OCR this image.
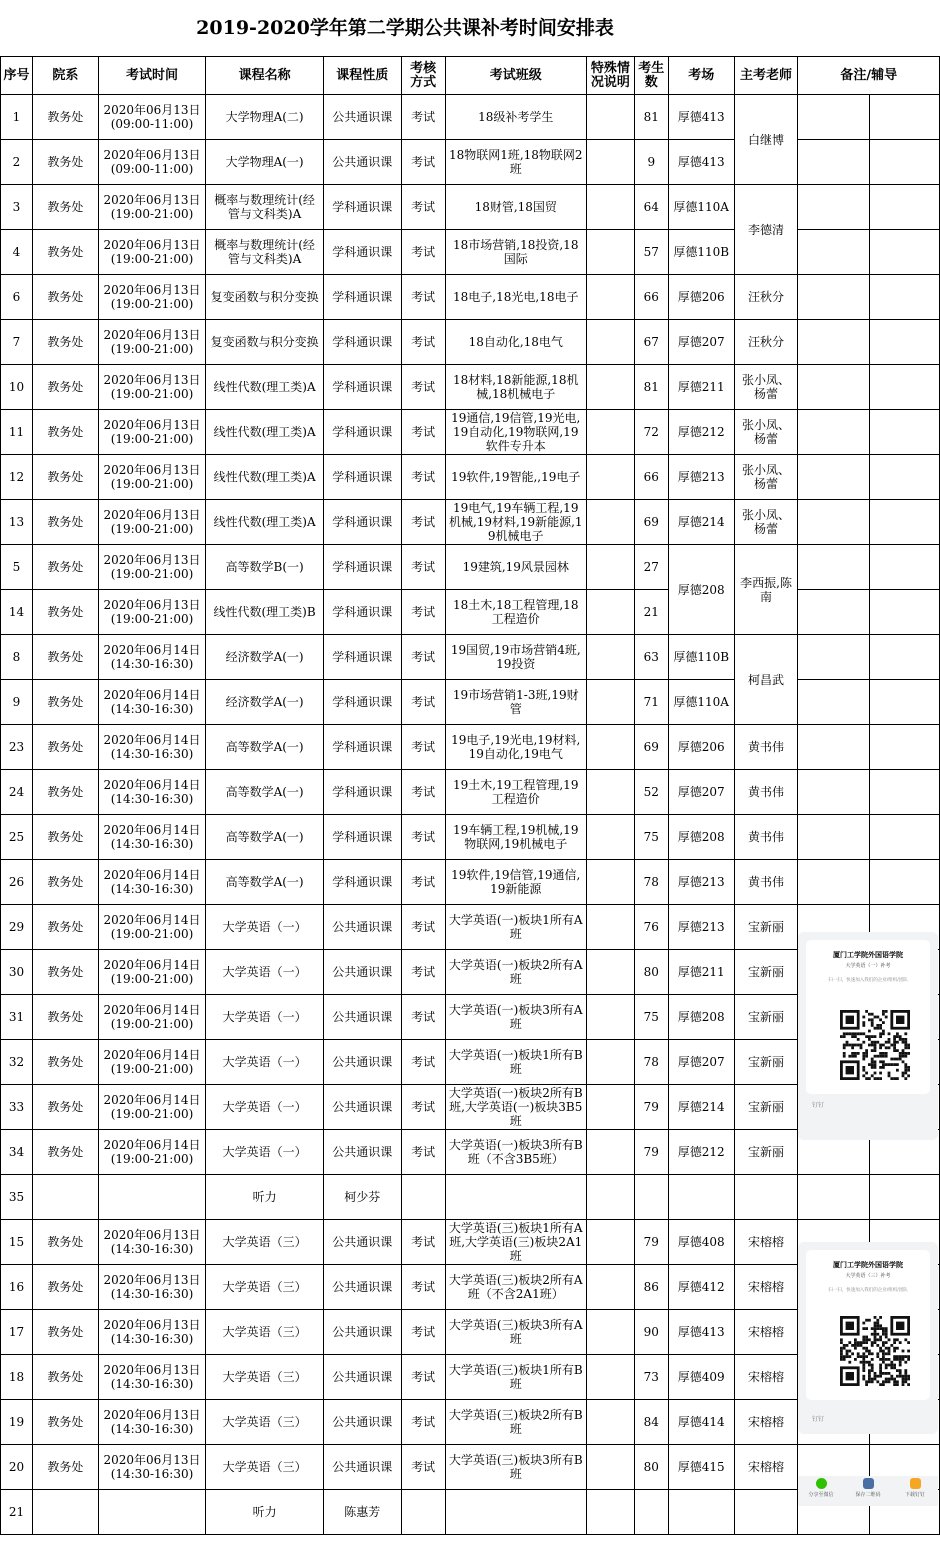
2019-2020学年第二学期公共课补考时间安排表
序号	院系	考试时间	课程名称	课程性质	考核方式	考试班级	特殊情况说明	考生数	考场	主考老师	备注/辅导	
1	教务处	2020年06月13日
(09:00-11:00)	大学物理A(二)	公共通识课	考试	18级补考学生		81	厚德413	白继博		
2	教务处	2020年06月13日
(09:00-11:00)	大学物理A(一)	公共通识课	考试	18物联网1班,18物联网2班		9	厚德413			
3	教务处	2020年06月13日
(19:00-21:00)	概率与数理统计(经管与文科类)A	学科通识课	考试	18财管,18国贸		64	厚德110A	李德清		
4	教务处	2020年06月13日
(19:00-21:00)	概率与数理统计(经管与文科类)A	学科通识课	考试	18市场营销,18投资,18国际		57	厚德110B			
6	教务处	2020年06月13日
(19:00-21:00)	复变函数与积分变换	学科通识课	考试	18电子,18光电,18电子		66	厚德206	汪秋分		
7	教务处	2020年06月13日
(19:00-21:00)	复变函数与积分变换	学科通识课	考试	18自动化,18电气		67	厚德207	汪秋分		
10	教务处	2020年06月13日
(19:00-21:00)	线性代数(理工类)A	学科通识课	考试	18材料,18新能源,18机械,18机械电子		81	厚德211	张小凤、杨蕾		
11	教务处	2020年06月13日
(19:00-21:00)	线性代数(理工类)A	学科通识课	考试	19通信,19信管,19光电,19自动化,19物联网,19软件专升本		72	厚德212	张小凤、杨蕾		
12	教务处	2020年06月13日
(19:00-21:00)	线性代数(理工类)A	学科通识课	考试	19软件,19智能,,19电子		66	厚德213	张小凤、杨蕾		
13	教务处	2020年06月13日
(19:00-21:00)	线性代数(理工类)A	学科通识课	考试	19电气,19车辆工程,19机械,19材料,19新能源,19机械电子		69	厚德214	张小凤、杨蕾		
5	教务处	2020年06月13日
(19:00-21:00)	高等数学B(一)	学科通识课	考试	19建筑,19风景园林		27	厚德208	李西振,陈南		
14	教务处	2020年06月13日
(19:00-21:00)	线性代数(理工类)B	学科通识课	考试	18土木,18工程管理,18工程造价		21				
8	教务处	2020年06月14日
(14:30-16:30)	经济数学A(一)	学科通识课	考试	19国贸,19市场营销4班,19投资		63	厚德110B	柯昌武		
9	教务处	2020年06月14日
(14:30-16:30)	经济数学A(一)	学科通识课	考试	19市场营销1-3班,19财管		71	厚德110A			
23	教务处	2020年06月14日
(14:30-16:30)	高等数学A(一)	学科通识课	考试	19电子,19光电,19材料,19自动化,19电气		69	厚德206	黄书伟		
24	教务处	2020年06月14日
(14:30-16:30)	高等数学A(一)	学科通识课	考试	19土木,19工程管理,19工程造价		52	厚德207	黄书伟		
25	教务处	2020年06月14日
(14:30-16:30)	高等数学A(一)	学科通识课	考试	19车辆工程,19机械,19物联网,19机械电子		75	厚德208	黄书伟		
26	教务处	2020年06月14日
(14:30-16:30)	高等数学A(一)	学科通识课	考试	19软件,19信管,19通信,19新能源		78	厚德213	黄书伟		
29	教务处	2020年06月14日
(19:00-21:00)	大学英语（一）	公共通识课	考试	大学英语(一)板块1所有A班		76	厚德213	宝新丽		
30	教务处	2020年06月14日
(19:00-21:00)	大学英语（一）	公共通识课	考试	大学英语(一)板块2所有A班		80	厚德211	宝新丽		
31	教务处	2020年06月14日
(19:00-21:00)	大学英语（一）	公共通识课	考试	大学英语(一)板块3所有A班		75	厚德208	宝新丽		
32	教务处	2020年06月14日
(19:00-21:00)	大学英语（一）	公共通识课	考试	大学英语(一)板块1所有B班		78	厚德207	宝新丽		
33	教务处	2020年06月14日
(19:00-21:00)	大学英语（一）	公共通识课	考试	大学英语(一)板块2所有B班,大学英语(一)板块3B5班		79	厚德214	宝新丽		
34	教务处	2020年06月14日
(19:00-21:00)	大学英语（一）	公共通识课	考试	大学英语(一)板块3所有B班（不含3B5班）		79	厚德212	宝新丽		
35			听力	柯少芬								
15	教务处	2020年06月13日
(14:30-16:30)	大学英语（三）	公共通识课	考试	大学英语(三)板块1所有A班,大学英语(三)板块2A1班		79	厚德408	宋榕榕		
16	教务处	2020年06月13日
(14:30-16:30)	大学英语（三）	公共通识课	考试	大学英语(三)板块2所有A班（不含2A1班）		86	厚德412	宋榕榕		
17	教务处	2020年06月13日
(14:30-16:30)	大学英语（三）	公共通识课	考试	大学英语(三)板块3所有A班		90	厚德413	宋榕榕		
18	教务处	2020年06月13日
(14:30-16:30)	大学英语（三）	公共通识课	考试	大学英语(三)板块1所有B班		73	厚德409	宋榕榕		
19	教务处	2020年06月13日
(14:30-16:30)	大学英语（三）	公共通识课	考试	大学英语(三)板块2所有B班		84	厚德414	宋榕榕		
20	教务处	2020年06月13日
(14:30-16:30)	大学英语（三）	公共通识课	考试	大学英语(三)板块3所有B班		80	厚德415	宋榕榕		
21			听力	陈惠芳								
厦门工学院外国语学院
大学英语（一）补考
扫一扫，快速加入我们的企业/组织/团队
钉钉
厦门工学院外国语学院
大学英语（三）补考
扫一扫，快速加入我们的企业/组织/团队
钉钉
分享至微信	保存二维码	下载钉钉
